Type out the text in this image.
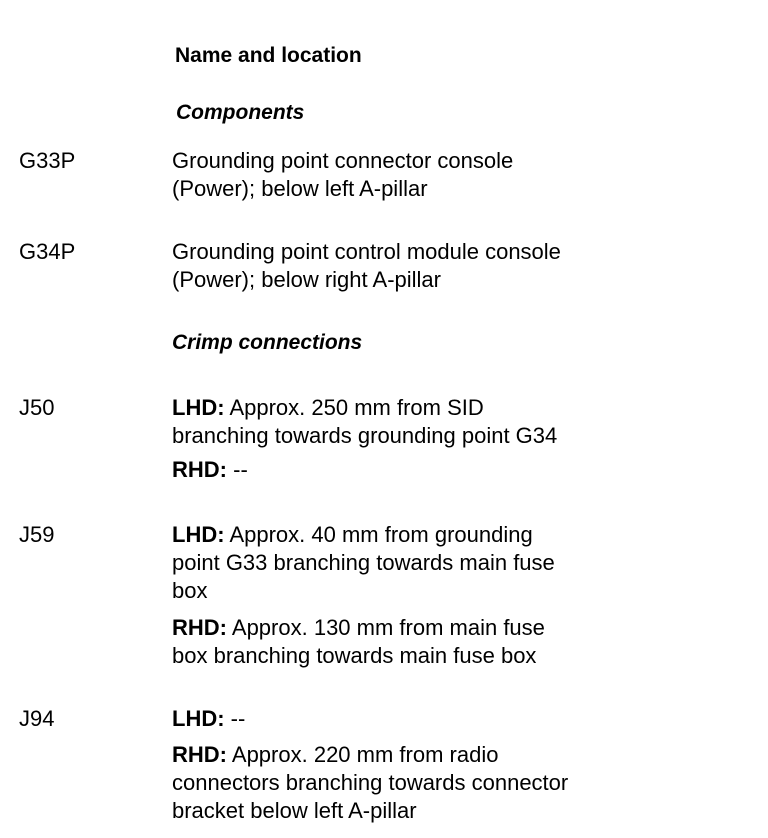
Name and location
Components
G33P	Grounding point connector console
(Power); below left A-pillar
G34P	Grounding point control module console
(Power); below right A-pillar
Crimp connections
J50	LHD: Approx. 250 mm from SID
branching towards grounding point G34
RHD: --
J59	LHD: Approx. 40 mm from grounding
point G33 branching towards main fuse
box
RHD: Approx. 130 mm from main fuse
box branching towards main fuse box
J94	LHD: --
RHD: Approx. 220 mm from radio
connectors branching towards connector
bracket below left A-pillar
